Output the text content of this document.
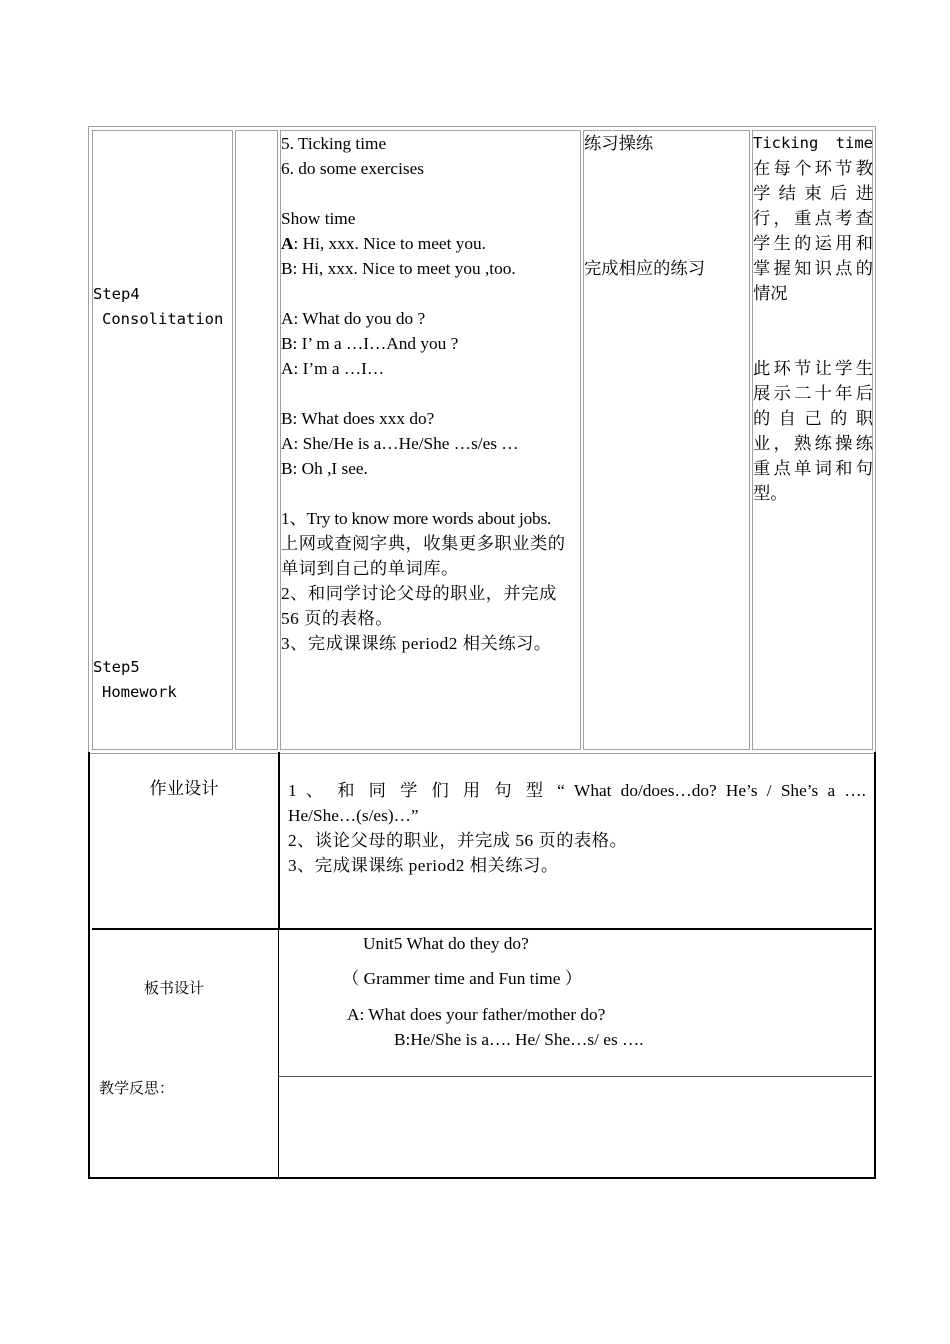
Step4
Consolitation
Step5
Homework
5. Ticking time
6. do some exercises
Show time
A: Hi, xxx. Nice to meet you.
B: Hi, xxx. Nice to meet you ,too.
A: What do you do ?
B: I’ m a …I…And you ?
A: I’m a …I…
B: What does xxx do?
A: She/He is a…He/She …s/es …
B: Oh ,I see.
1、Try to know more words about jobs.
上网或查阅字典，收集更多职业类的
单词到自己的单词库。
2、和同学讨论父母的职业，并完成
56 页的表格。
3、完成课课练 period2 相关练习。
练习操练
完成相应的练习
Ticking time
在每个环节教
学 结 束 后 进
行，重点考查
学生的运用和
掌握知识点的
情况
此环节让学生
展示二十年后
的 自 己 的 职
业，熟练操练
重点单词和句
型。
作业设计	1 、 和 同 学 们 用 句 型 “ What do/does…do? He’s / She’s a ….
He/She…(s/es)…”
2、谈论父母的职业，并完成 56 页的表格。
3、完成课课练 period2 相关练习。
板书设计
Unit5 What do they do?
（ Grammer time and Fun time ）
A: What does your father/mother do?
B:He/She is a…. He/ She…s/ es ….
教学反思：
